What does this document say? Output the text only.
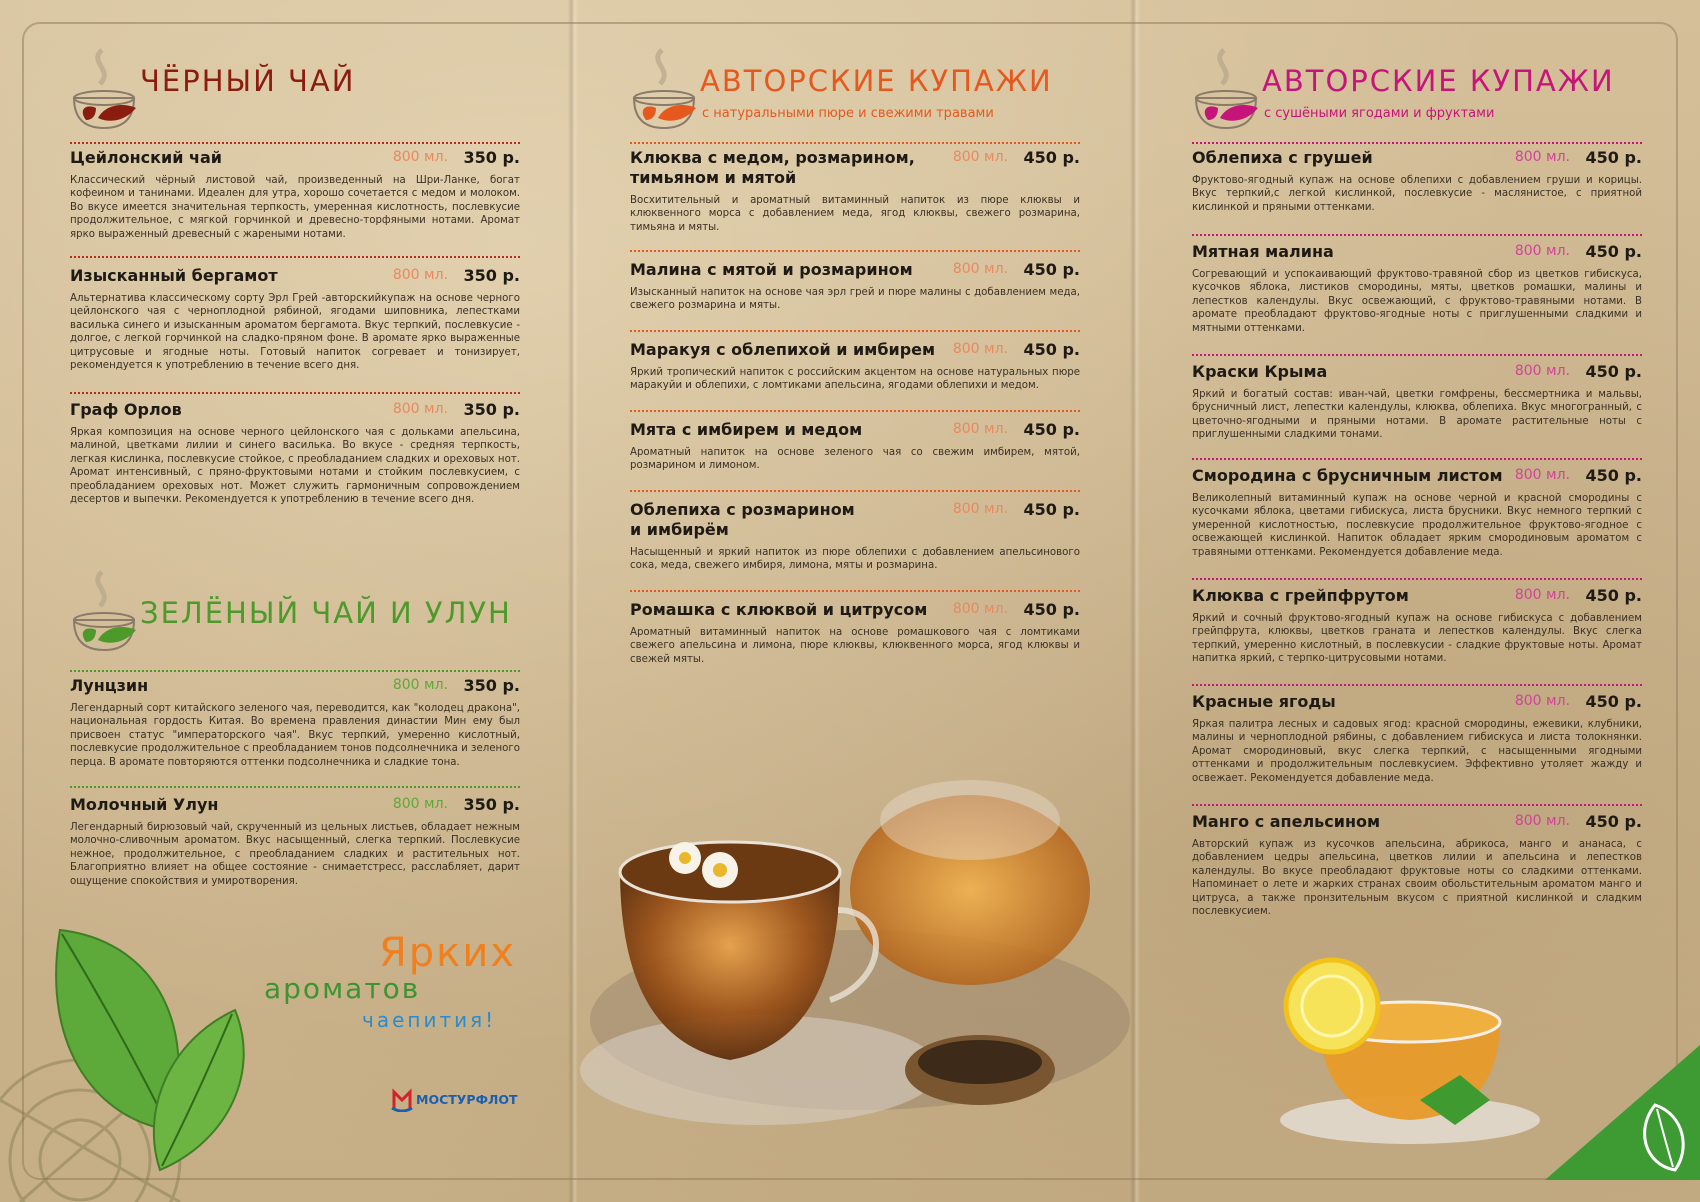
ЧЁРНЫЙ ЧАЙ
Цейлонский чай	800 мл. 350 р.
Классический чёрный листовой чай, произведенный на Шри-Ланке, богат кофеином и танинами. Идеален для утра, хорошо сочетается с медом и молоком. Во вкусе имеется значительная терпкость, умеренная кислотность, послевкусие продолжительное, с мягкой горчинкой и древесно-торфяными нотами. Аромат ярко выраженный древесный с жареными нотами.
Изысканный бергамот	800 мл. 350 р.
Альтернатива классическому сорту Эрл Грей -авторскийкупаж на основе черного цейлонского чая с черноплодной рябиной, ягодами шиповника, лепестками василька синего и изысканным ароматом бергамота. Вкус терпкий, послевкусие - долгое, с легкой горчинкой на сладко-пряном фоне. В аромате ярко выраженные цитрусовые и ягодные ноты. Готовый напиток согревает и тонизирует, рекомендуется к употреблению в течение всего дня.
Граф Орлов	800 мл. 350 р.
Яркая композиция на основе черного цейлонского чая с дольками апельсина, малиной, цветками лилии и синего василька. Во вкусе - средняя терпкость, легкая кислинка, послевкусие стойкое, с преобладанием сладких и ореховых нот. Аромат интенсивный, с пряно-фруктовыми нотами и стойким послевкусием, с преобладанием ореховых нот. Может служить гармоничным сопровождением десертов и выпечки. Рекомендуется к употреблению в течение всего дня.
ЗЕЛЁНЫЙ ЧАЙ И УЛУН
Лунцзин	800 мл. 350 р.
Легендарный сорт китайского зеленого чая, переводится, как "колодец дракона", национальная гордость Китая. Во времена правления династии Мин ему был присвоен статус "императорского чая". Вкус терпкий, умеренно кислотный, послевкусие продолжительное с преобладанием тонов подсолнечника и зеленого перца. В аромате повторяются оттенки подсолнечника и сладкие тона.
Молочный Улун	800 мл. 350 р.
Легендарный бирюзовый чай, скрученный из цельных листьев, обладает нежным молочно-сливочным ароматом. Вкус насыщенный, слегка терпкий. Послевкусие нежное, продолжительное, с преобладанием сладких и растительных нот. Благоприятно влияет на общее состояние - снимаетстресс, расслабляет, дарит ощущение спокойствия и умиротворения.
Ярких
ароматов
чаепития!
МОСТУРФЛОТ
АВТОРСКИЕ КУПАЖИ
с натуральными пюре и свежими травами
Клюква с медом, розмарином, тимьяном и мятой
800 мл. 450 р.
Восхитительный и ароматный витаминный напиток из пюре клюквы и клюквенного морса с добавлением меда, ягод клюквы, свежего розмарина, тимьяна и мяты.
Малина с мятой и розмарином	800 мл. 450 р.
Изысканный напиток на основе чая эрл грей и пюре малины с добавлением меда, свежего розмарина и мяты.
Маракуя с облепихой и имбирем	800 мл. 450 р.
Яркий тропический напиток с российским акцентом на основе натуральных пюре маракуйи и облепихи, с ломтиками апельсина, ягодами облепихи и медом.
Мята с имбирем и медом	800 мл. 450 р.
Ароматный напиток на основе зеленого чая со свежим имбирем, мятой, розмарином и лимоном.
Облепиха с розмарином и имбирём
800 мл. 450 р.
Насыщенный и яркий напиток из пюре облепихи с добавлением апельсинового сока, меда, свежего имбиря, лимона, мяты и розмарина.
Ромашка с клюквой и цитрусом	800 мл. 450 р.
Ароматный витаминный напиток на основе ромашкового чая с ломтиками свежего апельсина и лимона, пюре клюквы, клюквенного морса, ягод клюквы и свежей мяты.
АВТОРСКИЕ КУПАЖИ
с сушёными ягодами и фруктами
Облепиха с грушей	800 мл. 450 р.
Фруктово-ягодный купаж на основе облепихи с добавлением груши и корицы. Вкус терпкий,с легкой кислинкой, послевкусие - маслянистое, с приятной кислинкой и пряными оттенками.
Мятная малина	800 мл. 450 р.
Согревающий и успокаивающий фруктово-травяной сбор из цветков гибискуса, кусочков яблока, листиков смородины, мяты, цветков ромашки, малины и лепестков календулы. Вкус освежающий, с фруктово-травяными нотами. В аромате преобладают фруктово-ягодные ноты с приглушенными сладкими и мятными оттенками.
Краски Крыма	800 мл. 450 р.
Яркий и богатый состав: иван-чай, цветки гомфрены, бессмертника и мальвы, брусничный лист, лепестки календулы, клюква, облепиха. Вкус многогранный, с цветочно-ягодными и пряными нотами. В аромате растительные ноты с приглушенными сладкими тонами.
Смородина с брусничным листом 800 мл. 450 р.
Великолепный витаминный купаж на основе черной и красной смородины с кусочками яблока, цветами гибискуса, листа брусники. Вкус немного терпкий с умеренной кислотностью, послевкусие продолжительное фруктово-ягодное с освежающей кислинкой. Напиток обладает ярким смородиновым ароматом с травяными оттенками. Рекомендуется добавление меда.
Клюква с грейпфрутом	800 мл. 450 р.
Яркий и сочный фруктово-ягодный купаж на основе гибискуса с добавлением грейпфрута, клюквы, цветков граната и лепестков календулы. Вкус слегка терпкий, умеренно кислотный, в послевкусии - сладкие фруктовые ноты. Аромат напитка яркий, с терпко-цитрусовыми нотами.
Красные ягоды	800 мл. 450 р.
Яркая палитра лесных и садовых ягод: красной смородины, ежевики, клубники, малины и черноплодной рябины, с добавлением гибискуса и листа толокнянки. Аромат смородиновый, вкус слегка терпкий, с насыщенными ягодными оттенками и продолжительным послевкусием. Эффективно утоляет жажду и освежает. Рекомендуется добавление меда.
Манго с апельсином	800 мл. 450 р.
Авторский купаж из кусочков апельсина, абрикоса, манго и ананаса, с добавлением цедры апельсина, цветков лилии и апельсина и лепестков календулы. Во вкусе преобладают фруктовые ноты со сладкими оттенками. Напоминает о лете и жарких странах своим обольстительным ароматом манго и цитруса, а также пронзительным вкусом с приятной кислинкой и сладким послевкусием.
